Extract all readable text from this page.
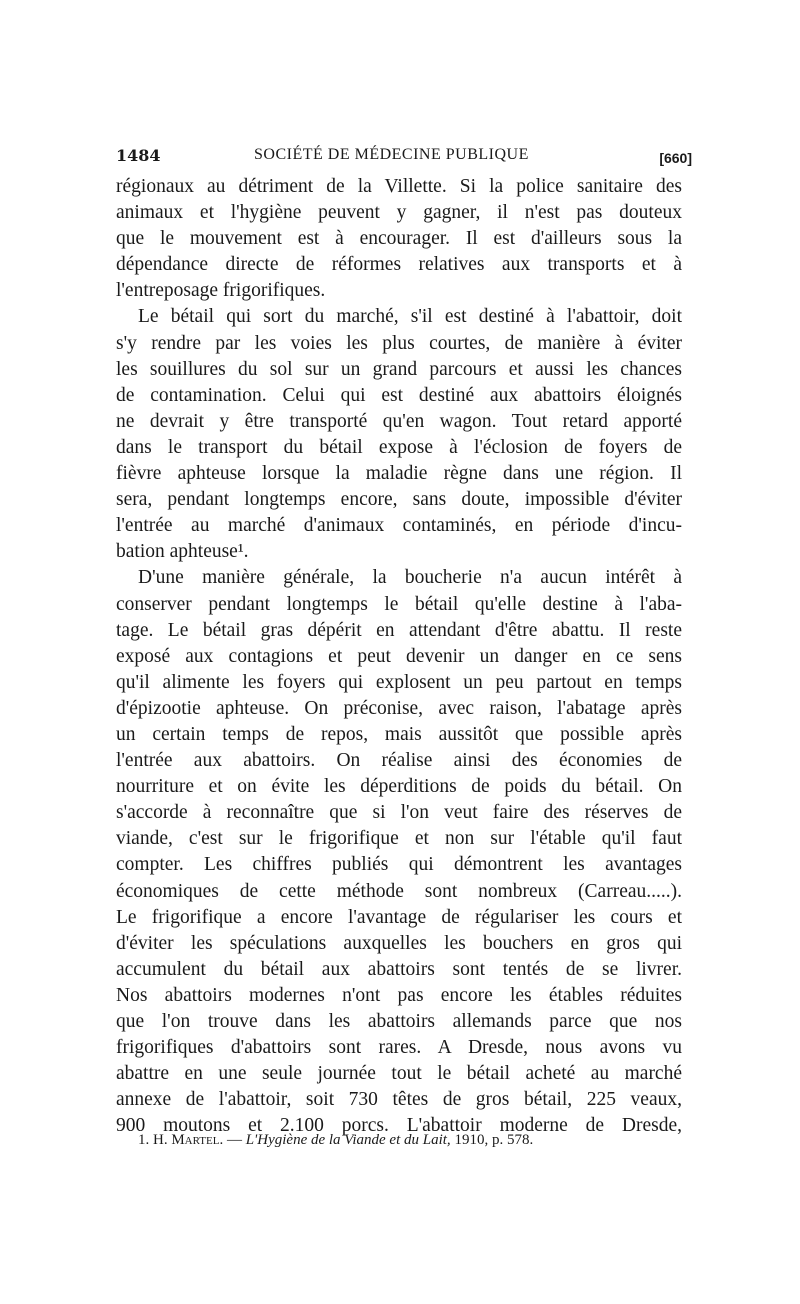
1484	SOCIÉTÉ DE MÉDECINE PUBLIQUE	[660]
régionaux au détriment de la Villette. Si la police sanitaire des
animaux et l'hygiène peuvent y gagner, il n'est pas douteux
que le mouvement est à encourager. Il est d'ailleurs sous la
dépendance directe de réformes relatives aux transports et à
l'entreposage frigorifiques.
Le bétail qui sort du marché, s'il est destiné à l'abattoir, doit
s'y rendre par les voies les plus courtes, de manière à éviter
les souillures du sol sur un grand parcours et aussi les chances
de contamination. Celui qui est destiné aux abattoirs éloignés
ne devrait y être transporté qu'en wagon. Tout retard apporté
dans le transport du bétail expose à l'éclosion de foyers de
fièvre aphteuse lorsque la maladie règne dans une région. Il
sera, pendant longtemps encore, sans doute, impossible d'éviter
l'entrée au marché d'animaux contaminés, en période d'incu-
bation aphteuse¹.
D'une manière générale, la boucherie n'a aucun intérêt à
conserver pendant longtemps le bétail qu'elle destine à l'aba-
tage. Le bétail gras dépérit en attendant d'être abattu. Il reste
exposé aux contagions et peut devenir un danger en ce sens
qu'il alimente les foyers qui explosent un peu partout en temps
d'épizootie aphteuse. On préconise, avec raison, l'abatage après
un certain temps de repos, mais aussitôt que possible après
l'entrée aux abattoirs. On réalise ainsi des économies de
nourriture et on évite les déperditions de poids du bétail. On
s'accorde à reconnaître que si l'on veut faire des réserves de
viande, c'est sur le frigorifique et non sur l'étable qu'il faut
compter. Les chiffres publiés qui démontrent les avantages
économiques de cette méthode sont nombreux (Carreau.....).
Le frigorifique a encore l'avantage de régulariser les cours et
d'éviter les spéculations auxquelles les bouchers en gros qui
accumulent du bétail aux abattoirs sont tentés de se livrer.
Nos abattoirs modernes n'ont pas encore les étables réduites
que l'on trouve dans les abattoirs allemands parce que nos
frigorifiques d'abattoirs sont rares. A Dresde, nous avons vu
abattre en une seule journée tout le bétail acheté au marché
annexe de l'abattoir, soit 730 têtes de gros bétail, 225 veaux,
900 moutons et 2.100 porcs. L'abattoir moderne de Dresde,
1. H. Martel. — L'Hygiène de la Viande et du Lait, 1910, p. 578.
